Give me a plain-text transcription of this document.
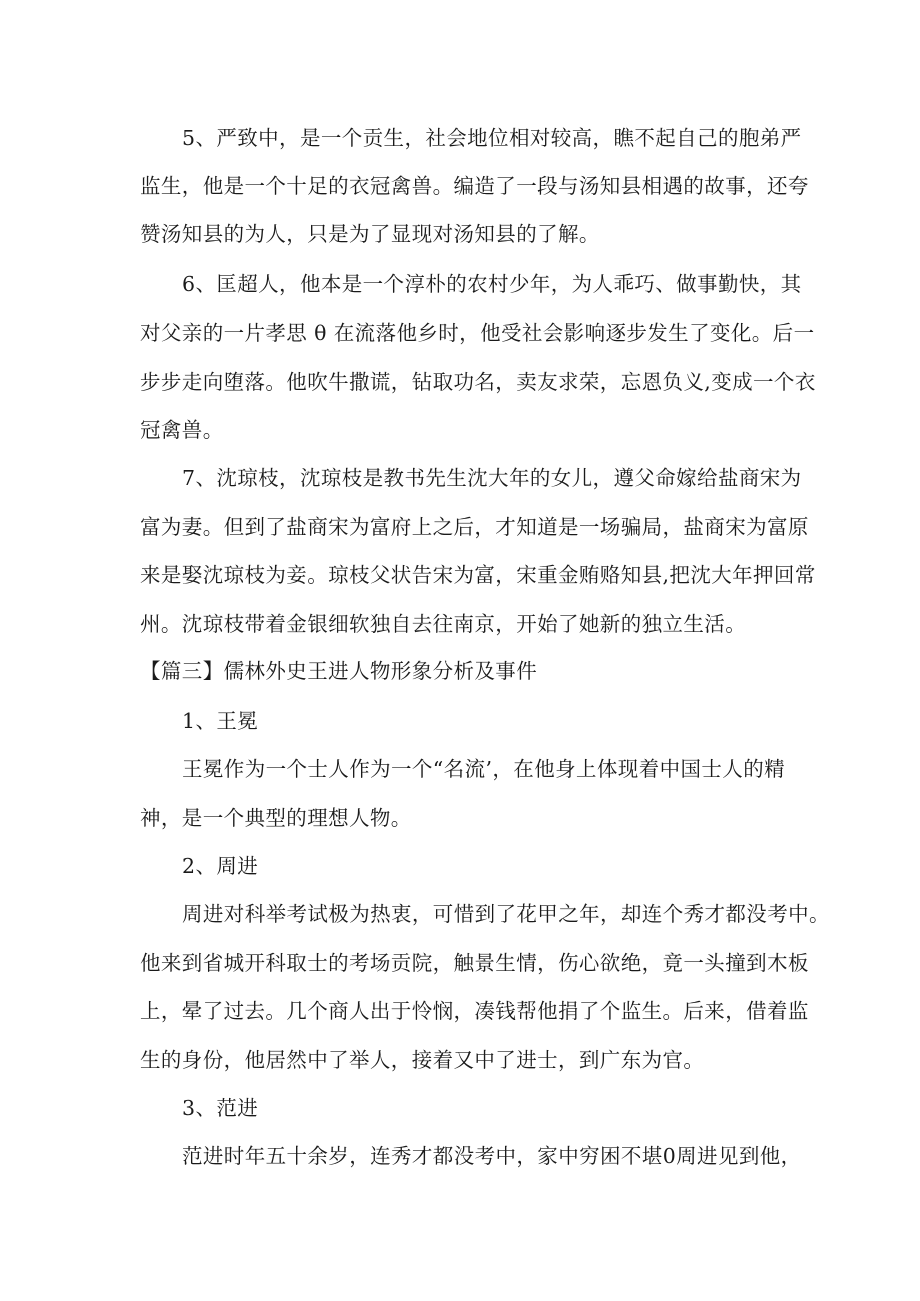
5、严致中，是一个贡生，社会地位相对较高，瞧不起自己的胞弟严
监生，他是一个十足的衣冠禽兽。编造了一段与汤知县相遇的故事，还夸
赞汤知县的为人，只是为了显现对汤知县的了解。
6、匡超人，他本是一个淳朴的农村少年，为人乖巧、做事勤快，其
对父亲的一片孝思 θ 在流落他乡时，他受社会影响逐步发生了变化。后一
步步走向堕落。他吹牛撒谎，钻取功名，卖友求荣，忘恩负义,变成一个衣
冠禽兽。
7、沈琼枝，沈琼枝是教书先生沈大年的女儿，遵父命嫁给盐商宋为
富为妻。但到了盐商宋为富府上之后，才知道是一场骗局，盐商宋为富原
来是娶沈琼枝为妾。琼枝父状告宋为富，宋重金贿赂知县,把沈大年押回常
州。沈琼枝带着金银细软独自去往南京，开始了她新的独立生活。
【篇三】儒林外史王进人物形象分析及事件
1、王冕
王冕作为一个士人作为一个“名流’，在他身上体现着中国士人的精
神，是一个典型的理想人物。
2、周进
周进对科举考试极为热衷，可惜到了花甲之年，却连个秀才都没考中。
他来到省城开科取士的考场贡院，触景生情，伤心欲绝，竟一头撞到木板
上，晕了过去。几个商人出于怜悯，凑钱帮他捐了个监生。后来，借着监
生的身份，他居然中了举人，接着又中了进士，到广东为官。
3、范进
范进时年五十余岁，连秀才都没考中，家中穷困不堪0周进见到他，
